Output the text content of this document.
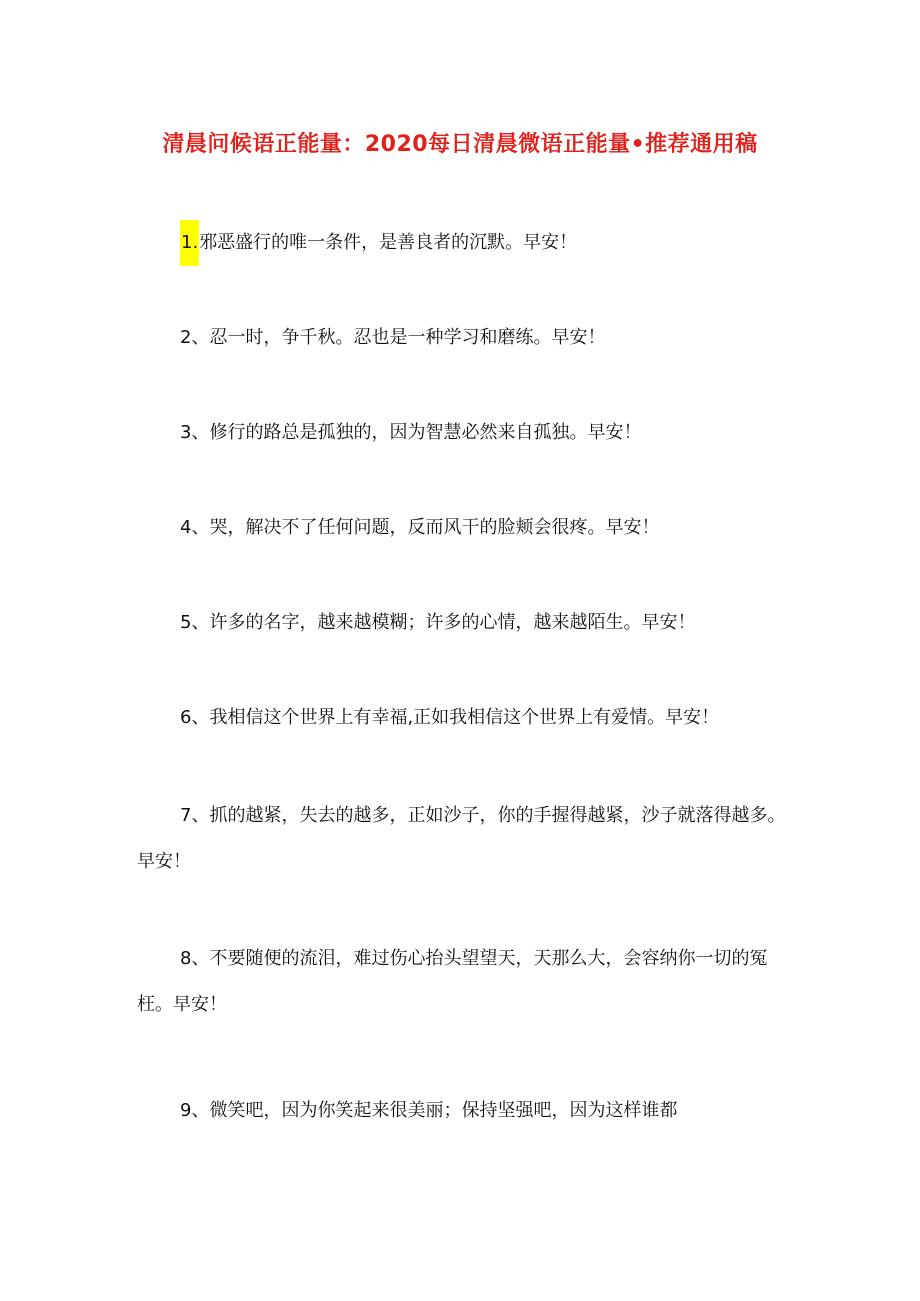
清晨问候语正能量：2020每日清晨微语正能量•推荐通用稿

1.邪恶盛行的唯一条件，是善良者的沉默。早安！

2、忍一时，争千秋。忍也是一种学习和磨练。早安！

3、修行的路总是孤独的，因为智慧必然来自孤独。早安！

4、哭，解决不了任何问题，反而风干的脸颊会很疼。早安！

5、许多的名字，越来越模糊；许多的心情，越来越陌生。早安！

6、我相信这个世界上有幸福,正如我相信这个世界上有爱情。早安！

7、抓的越紧，失去的越多，正如沙子，你的手握得越紧，沙子就落得越多。早安！

8、不要随便的流泪，难过伤心抬头望望天，天那么大，会容纳你一切的冤枉。早安！

9、微笑吧，因为你笑起来很美丽；保持坚强吧，因为这样谁都
